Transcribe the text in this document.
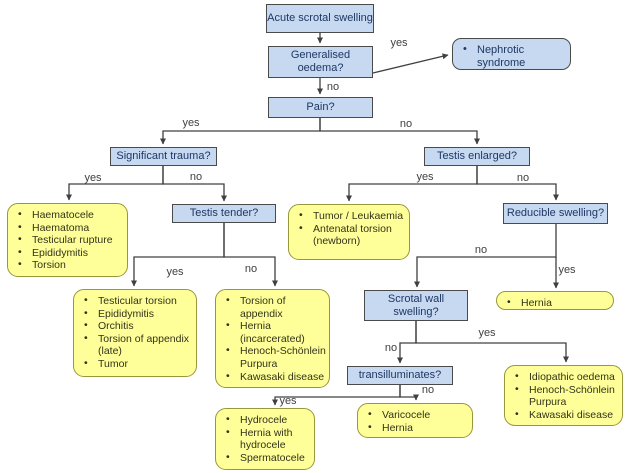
Acute scrotal swelling
Generalised oedema?
Pain?
Significant trauma?
Testis tender?
Testis enlarged?
Reducible swelling?
Scrotal wall swelling?
transilluminates?
• Nephrotic syndrome
• Haematocele
• Haematoma
• Testicular rupture
• Epididymitis
• Torsion
• Tumor / Leukaemia
• Antenatal torsion (newborn)
• Testicular torsion
• Epididymitis
• Orchitis
• Torsion of appendix (late)
• Tumor
• Torsion of appendix
• Hernia (incarcerated)
• Henoch-Schönlein Purpura
• Kawasaki disease
• Hernia
• Hydrocele
• Hernia with hydrocele
• Spermatocele
• Varicocele
• Hernia
• Idiopathic oedema
• Henoch-Schönlein Purpura
• Kawasaki disease
yes
no
yes	no
yes	no	yes	no
yes	no
no
yes
no
yes
yes
no
